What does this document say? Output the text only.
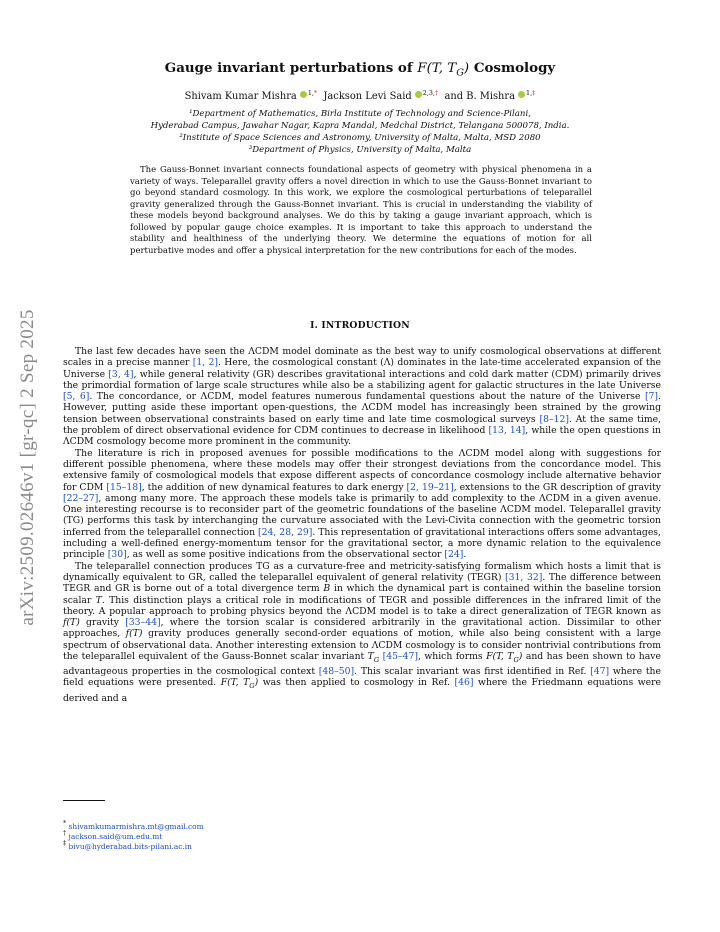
arXiv:2509.02646v1 [gr-qc] 2 Sep 2025
Gauge invariant perturbations of F(T, $T_G$) Cosmology
Shivam Kumar Mishra $^{1,*}$ Jackson Levi Said $^{2,3,\dagger}$ and B. Mishra $^{1,\ddagger}$
¹Department of Mathematics, Birla Institute of Technology and Science-Pilani,
Hyderabad Campus, Jawahar Nagar, Kapra Mandal, Medchal District, Telangana 500078, India.
²Institute of Space Sciences and Astronomy, University of Malta, Malta, MSD 2080
³Department of Physics, University of Malta, Malta

The Gauss-Bonnet invariant connects foundational aspects of geometry with physical phenomena in a variety of ways. Teleparallel gravity offers a novel direction in which to use the Gauss-Bonnet invariant to go beyond standard cosmology. In this work, we explore the cosmological perturbations of teleparallel gravity generalized through the Gauss-Bonnet invariant. This is crucial in understanding the viability of these models beyond background analyses. We do this by taking a gauge invariant approach, which is followed by popular gauge choice examples. It is important to take this approach to understand the stability and healthiness of the underlying theory. We determine the equations of motion for all perturbative modes and offer a physical interpretation for the new contributions for each of the modes.

I. INTRODUCTION

The last few decades have seen the ΛCDM model dominate as the best way to unify cosmological observations at different scales in a precise manner [1, 2]. Here, the cosmological constant (Λ) dominates in the late-time accelerated expansion of the Universe [3, 4], while general relativity (GR) describes gravitational interactions and cold dark matter (CDM) primarily drives the primordial formation of large scale structures while also be a stabilizing agent for galactic structures in the late Universe [5, 6]. The concordance, or ΛCDM, model features numerous fundamental questions about the nature of the Universe [7]. However, putting aside these important open-questions, the ΛCDM model has increasingly been strained by the growing tension between observational constraints based on early time and late time cosmological surveys [8–12]. At the same time, the problem of direct observational evidence for CDM continues to decrease in likelihood [13, 14], while the open questions in ΛCDM cosmology become more prominent in the community.

The literature is rich in proposed avenues for possible modifications to the ΛCDM model along with suggestions for different possible phenomena, where these models may offer their strongest deviations from the concordance model. This extensive family of cosmological models that expose different aspects of concordance cosmology include alternative behavior for CDM [15–18], the addition of new dynamical features to dark energy [2, 19–21], extensions to the GR description of gravity [22–27], among many more. The approach these models take is primarily to add complexity to the ΛCDM in a given avenue. One interesting recourse is to reconsider part of the geometric foundations of the baseline ΛCDM model. Teleparallel gravity (TG) performs this task by interchanging the curvature associated with the Levi-Civita connection with the geometric torsion inferred from the teleparallel connection [24, 28, 29]. This representation of gravitational interactions offers some advantages, including a well-defined energy-momentum tensor for the gravitational sector, a more dynamic relation to the equivalence principle [30], as well as some positive indications from the observational sector [24].

The teleparallel connection produces TG as a curvature-free and metricity-satisfying formalism which hosts a limit that is dynamically equivalent to GR, called the teleparallel equivalent of general relativity (TEGR) [31, 32]. The difference between TEGR and GR is borne out of a total divergence term B in which the dynamical part is contained within the baseline torsion scalar T. This distinction plays a critical role in modifications of TEGR and possible differences in the infrared limit of the theory. A popular approach to probing physics beyond the ΛCDM model is to take a direct generalization of TEGR known as f(T) gravity [33–44], where the torsion scalar is considered arbitrarily in the gravitational action. Dissimilar to other approaches, f(T) gravity produces generally second-order equations of motion, while also being consistent with a large spectrum of observational data. Another interesting extension to ΛCDM cosmology is to consider nontrivial contributions from the teleparallel equivalent of the Gauss-Bonnet scalar invariant $T_G$ [45–47], which forms F(T, $T_G$) and has been shown to have advantageous properties in the cosmological context [48–50]. This scalar invariant was first identified in Ref. [47] where the field equations were presented. F(T, $T_G$) was then applied to cosmology in Ref. [46] where the Friedmann equations were derived and a

* shivamkumarmishra.mt@gmail.com
† jackson.said@um.edu.mt
‡ bivu@hyderabad.bits-pilani.ac.in
